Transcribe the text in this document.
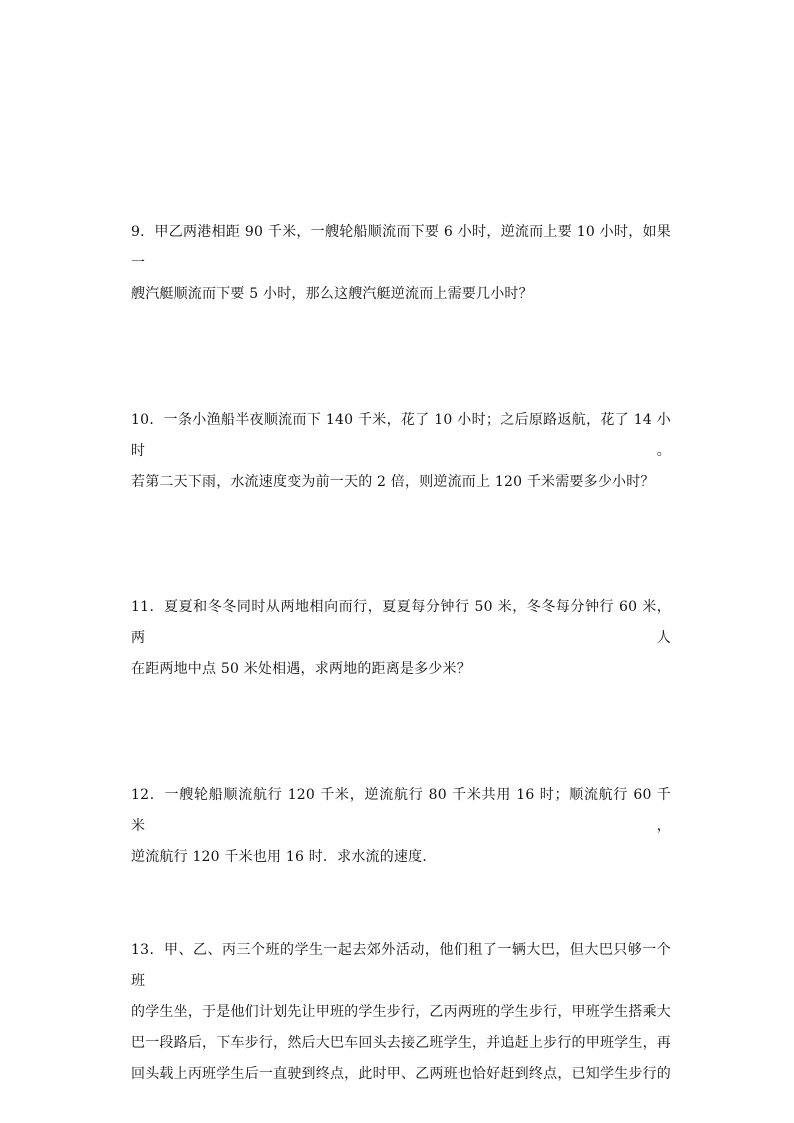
9．甲乙两港相距 90 千米，一艘轮船顺流而下要 6 小时，逆流而上要 10 小时，如果一
艘汽艇顺流而下要 5 小时，那么这艘汽艇逆流而上需要几小时？
10．一条小渔船半夜顺流而下 140 千米，花了 10 小时；之后原路返航，花了 14 小时。
若第二天下雨，水流速度变为前一天的 2 倍，则逆流而上 120 千米需要多少小时？
11．夏夏和冬冬同时从两地相向而行，夏夏每分钟行 50 米，冬冬每分钟行 60 米，两人
在距两地中点 50 米处相遇，求两地的距离是多少米？
12．一艘轮船顺流航行 120 千米，逆流航行 80 千米共用 16 时；顺流航行 60 千米，
逆流航行 120 千米也用 16 时．求水流的速度．
13．甲、乙、丙三个班的学生一起去郊外活动，他们租了一辆大巴，但大巴只够一个班
的学生坐，于是他们计划先让甲班的学生步行，乙丙两班的学生步行，甲班学生搭乘大
巴一段路后，下车步行，然后大巴车回头去接乙班学生，并追赶上步行的甲班学生，再
回头载上丙班学生后一直驶到终点，此时甲、乙两班也恰好赶到终点，已知学生步行的
